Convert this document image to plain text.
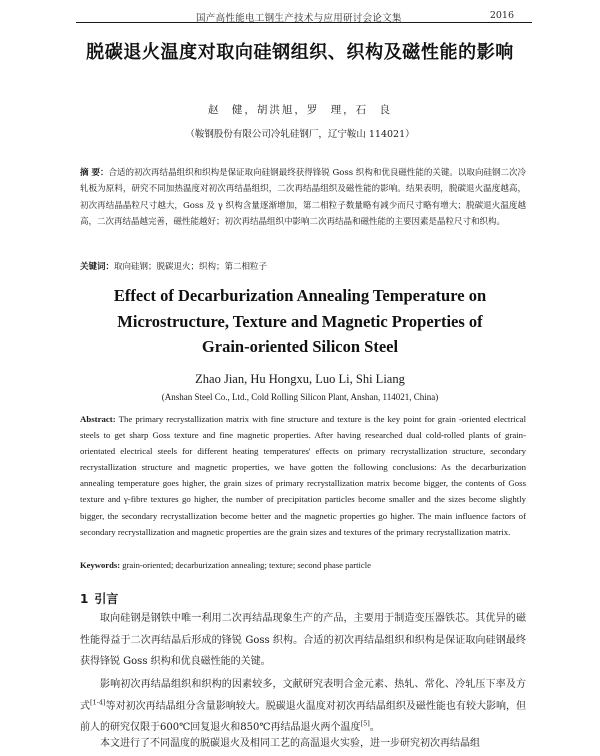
国产高性能电工钢生产技术与应用研讨会论文集	2016
脱碳退火温度对取向硅钢组织、织构及磁性能的影响
赵 健，胡洪旭，罗 理，石 良
（鞍钢股份有限公司冷轧硅钢厂，辽宁鞍山 114021）
摘 要：合适的初次再结晶组织和织构是保证取向硅钢最终获得锋锐 Goss 织构和优良磁性能的关键。以取向硅钢二次冷轧板为原料，研究不同加热温度对初次再结晶组织，二次再结晶组织及磁性能的影响。结果表明，脱碳退火温度越高，初次再结晶晶粒尺寸越大，Goss 及 γ 织构含量逐渐增加，第二相粒子数量略有减少而尺寸略有增大；脱碳退火温度越高，二次再结晶越完善，磁性能越好；初次再结晶组织中影响二次再结晶和磁性能的主要因素是晶粒尺寸和织构。
关键词：取向硅钢；脱碳退火；织构；第二相粒子
Effect of Decarburization Annealing Temperature on
Microstructure, Texture and Magnetic Properties of
Grain-oriented Silicon Steel
Zhao Jian, Hu Hongxu, Luo Li, Shi Liang
(Anshan Steel Co., Ltd., Cold Rolling Silicon Plant, Anshan, 114021, China)
Abstract: The primary recrystallization matrix with fine structure and texture is the key point for grain -oriented electrical steels to get sharp Goss texture and fine magnetic properties. After having researched dual cold-rolled plants of grain-orientated electrical steels for different heating temperatures' effects on primary recrystallization structure, secondary recrystallization structure and magnetic properties, we have gotten the following conclusions: As the decarburization annealing temperature goes higher, the grain sizes of primary recrystallization matrix become bigger, the contents of Goss texture and γ-fibre textures go higher, the number of precipitation particles become smaller and the sizes become slightly bigger, the secondary recrystallization become better and the magnetic properties go higher. The main influence factors of secondary recrystallization and magnetic properties are the grain sizes and textures of the primary recrystallization matrix.
Keywords: grain-oriented; decarburization annealing; texture; second phase particle
1 引言
取向硅钢是钢铁中唯一利用二次再结晶现象生产的产品，主要用于制造变压器铁芯。其优异的磁性能得益于二次再结晶后形成的锋锐 Goss 织构。合适的初次再结晶组织和织构是保证取向硅钢最终获得锋锐 Goss 织构和优良磁性能的关键。
影响初次再结晶组织和织构的因素较多，文献研究表明合金元素、热轧、常化、冷轧压下率及方式[1-4]等对初次再结晶组分含量影响较大。脱碳退火温度对初次再结晶组织及磁性能也有较大影响，但前人的研究仅限于600℃回复退火和850℃再结晶退火两个温度[5]。
本文进行了不同温度的脱碳退火及相同工艺的高温退火实验，进一步研究初次再结晶组
